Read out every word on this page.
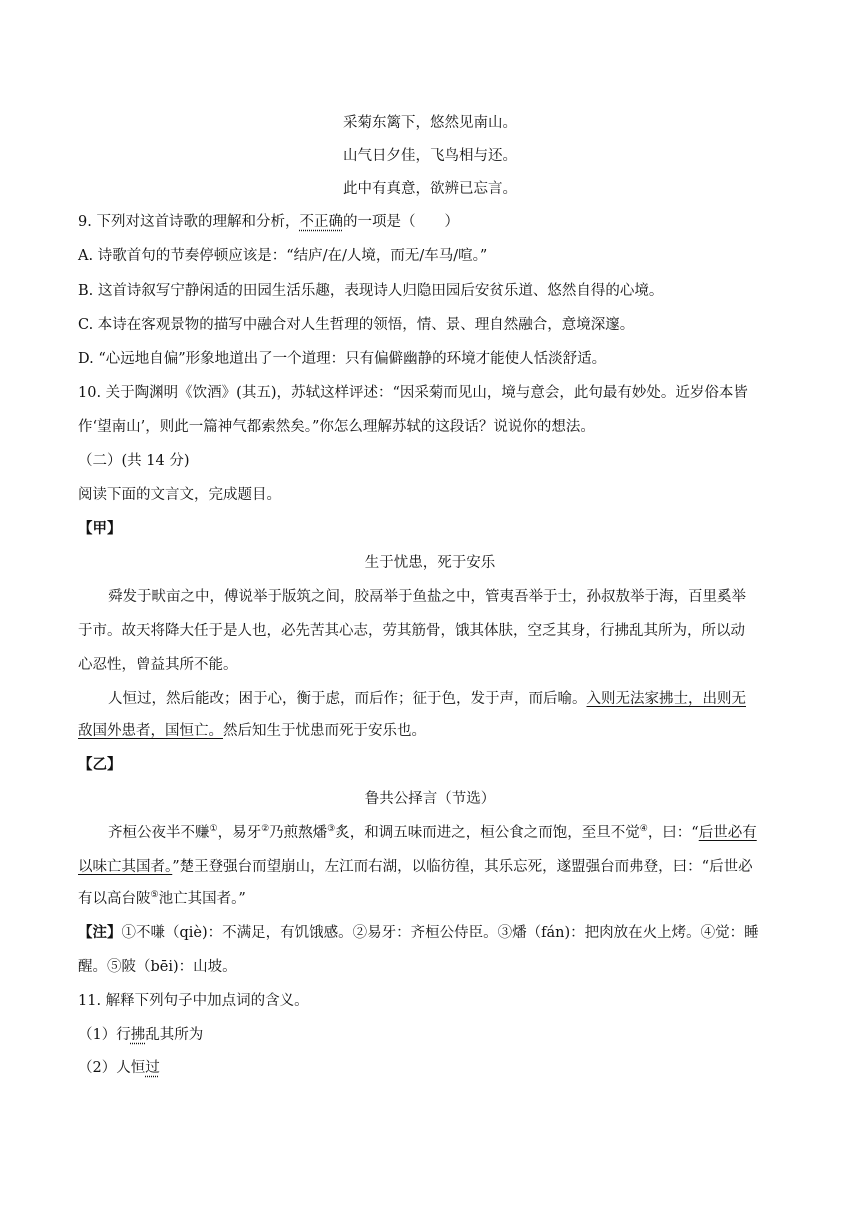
采菊东篱下，悠然见南山。
山气日夕佳，飞鸟相与还。
此中有真意，欲辨已忘言。
9. 下列对这首诗歌的理解和分析，不正确的一项是（　　）
A. 诗歌首句的节奏停顿应该是：“结庐/在/人境，而无/车马/喧。”
B. 这首诗叙写宁静闲适的田园生活乐趣，表现诗人归隐田园后安贫乐道、悠然自得的心境。
C. 本诗在客观景物的描写中融合对人生哲理的领悟，情、景、理自然融合，意境深邃。
D. “心远地自偏”形象地道出了一个道理：只有偏僻幽静的环境才能使人恬淡舒适。
10. 关于陶渊明《饮酒》(其五)，苏轼这样评述：“因采菊而见山，境与意会，此句最有妙处。近岁俗本皆
作‘望南山’，则此一篇神气都索然矣。”你怎么理解苏轼的这段话？说说你的想法。
（二）(共 14 分)
阅读下面的文言文，完成题目。
【甲】
生于忧患，死于安乐
舜发于畎亩之中，傅说举于版筑之间，胶鬲举于鱼盐之中，管夷吾举于士，孙叔敖举于海，百里奚举
于市。故天将降大任于是人也，必先苦其心志，劳其筋骨，饿其体肤，空乏其身，行拂乱其所为，所以动
心忍性，曾益其所不能。
人恒过，然后能改；困于心，衡于虑，而后作；征于色，发于声，而后喻。入则无法家拂士，出则无
敌国外患者，国恒亡。然后知生于忧患而死于安乐也。
【乙】
鲁共公择言（节选）
齐桓公夜半不赚①，易牙②乃煎熬燔③炙，和调五味而进之，桓公食之而饱，至旦不觉④，曰：“后世必有
以味亡其国者。”楚王登强台而望崩山，左江而右湖，以临彷徨，其乐忘死，遂盟强台而弗登，曰：“后世必
有以高台陂⑤池亡其国者。”
【注】①不嗛（qiè)：不满足，有饥饿感。②易牙：齐桓公侍臣。③燔（fán)：把肉放在火上烤。④觉：睡
醒。⑤陂（bēi)：山坡。
11. 解释下列句子中加点词的含义。
（1）行拂乱其所为
（2）人恒过
